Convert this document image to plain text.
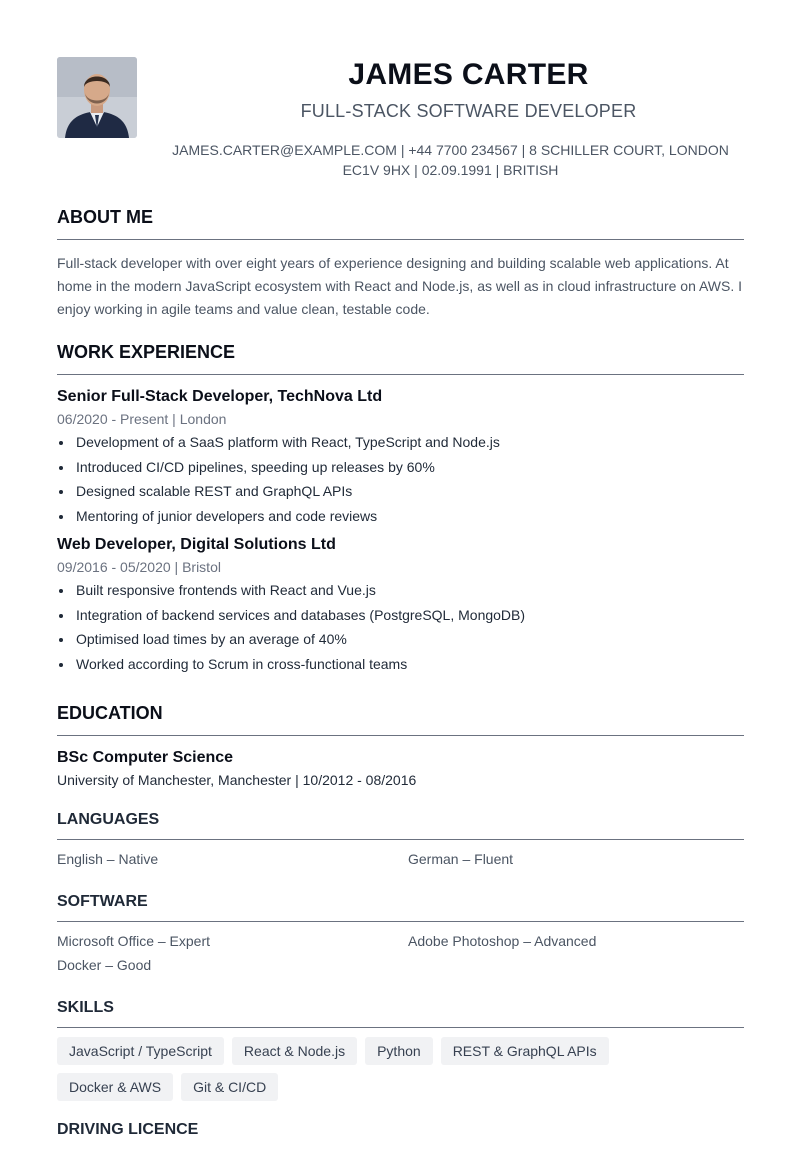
JAMES CARTER
FULL-STACK SOFTWARE DEVELOPER
JAMES.CARTER@EXAMPLE.COM | +44 7700 234567 | 8 SCHILLER COURT, LONDON
EC1V 9HX | 02.09.1991 | BRITISH
ABOUT ME
Full-stack developer with over eight years of experience designing and building scalable web applications. At home in the modern JavaScript ecosystem with React and Node.js, as well as in cloud infrastructure on AWS. I enjoy working in agile teams and value clean, testable code.
WORK EXPERIENCE
Senior Full-Stack Developer, TechNova Ltd
06/2020 - Present | London
Development of a SaaS platform with React, TypeScript and Node.js
Introduced CI/CD pipelines, speeding up releases by 60%
Designed scalable REST and GraphQL APIs
Mentoring of junior developers and code reviews
Web Developer, Digital Solutions Ltd
09/2016 - 05/2020 | Bristol
Built responsive frontends with React and Vue.js
Integration of backend services and databases (PostgreSQL, MongoDB)
Optimised load times by an average of 40%
Worked according to Scrum in cross-functional teams
EDUCATION
BSc Computer Science
University of Manchester, Manchester | 10/2012 - 08/2016
LANGUAGES
English – Native	German – Fluent
SOFTWARE
Microsoft Office – Expert	Adobe Photoshop – Advanced
Docker – Good
SKILLS
JavaScript / TypeScript	React & Node.js	Python	REST & GraphQL APIs
Docker & AWS	Git & CI/CD
DRIVING LICENCE
